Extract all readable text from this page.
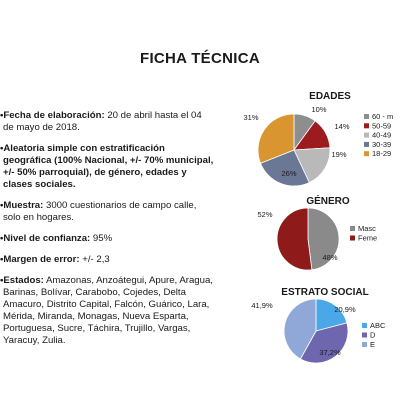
FICHA TÉCNICA
• Fecha de elaboración: 20 de abril hasta el 04 de mayo de 2018.
• Aleatoria simple con estratificación geográfica (100% Nacional, +/- 70% municipal, +/- 50% parroquial), de género, edades y clases sociales.
• Muestra: 3000 cuestionarios de campo calle, solo en hogares.
• Nivel de confianza: 95%
• Margen de error: +/- 2,3
• Estados: Amazonas, Anzoátegui, Apure, Aragua, Barinas, Bolívar, Carabobo, Cojedes, Delta Amacuro, Distrito Capital, Falcón, Guárico, Lara, Mérida, Miranda, Monagas, Nueva Esparta, Portuguesa, Sucre, Táchira, Trujillo, Vargas, Yaracuy, Zulia.
EDADES
GÉNERO
ESTRATO SOCIAL
10%
60 - m
14%	50-59
19%
40-49
26%
30-39
31%
18-29
48%
Masc
52%
Feme
20,9%
ABC
37,2%
D
41,9%
E
